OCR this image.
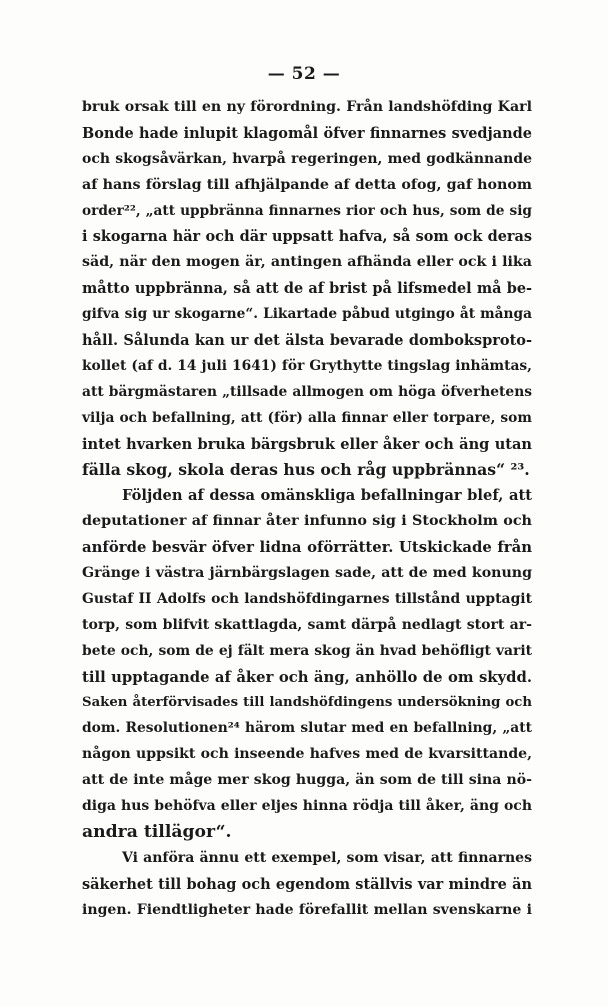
— 52 —
bruk orsak till en ny förordning. Från landshöfding Karl
Bonde hade inlupit klagomål öfver finnarnes svedjande
och skogsåvärkan, hvarpå regeringen, med godkännande
af hans förslag till afhjälpande af detta ofog, gaf honom
order²², „att uppbränna finnarnes rior och hus, som de sig
i skogarna här och där uppsatt hafva, så som ock deras
säd, när den mogen är, antingen afhända eller ock i lika
måtto uppbränna, så att de af brist på lifsmedel må be-
gifva sig ur skogarne“. Likartade påbud utgingo åt många
håll. Sålunda kan ur det älsta bevarade domboksproto-
kollet (af d. 14 juli 1641) för Grythytte tingslag inhämtas,
att bärgmästaren „tillsade allmogen om höga öfverhetens
vilja och befallning, att (för) alla finnar eller torpare, som
intet hvarken bruka bärgsbruk eller åker och äng utan
fälla skog, skola deras hus och råg uppbrännas“ ²³.
Följden af dessa omänskliga befallningar blef, att
deputationer af finnar åter infunno sig i Stockholm och
anförde besvär öfver lidna oförrätter. Utskickade från
Gränge i västra järnbärgslagen sade, att de med konung
Gustaf II Adolfs och landshöfdingarnes tillstånd upptagit
torp, som blifvit skattlagda, samt därpå nedlagt stort ar-
bete och, som de ej fält mera skog än hvad behöfligt varit
till upptagande af åker och äng, anhöllo de om skydd.
Saken återförvisades till landshöfdingens undersökning och
dom. Resolutionen²⁴ härom slutar med en befallning, „att
någon uppsikt och inseende hafves med de kvarsittande,
att de inte måge mer skog hugga, än som de till sina nö-
diga hus behöfva eller eljes hinna rödja till åker, äng och
andra tillägor“.
Vi anföra ännu ett exempel, som visar, att finnarnes
säkerhet till bohag och egendom ställvis var mindre än
ingen. Fiendtligheter hade förefallit mellan svenskarne i
